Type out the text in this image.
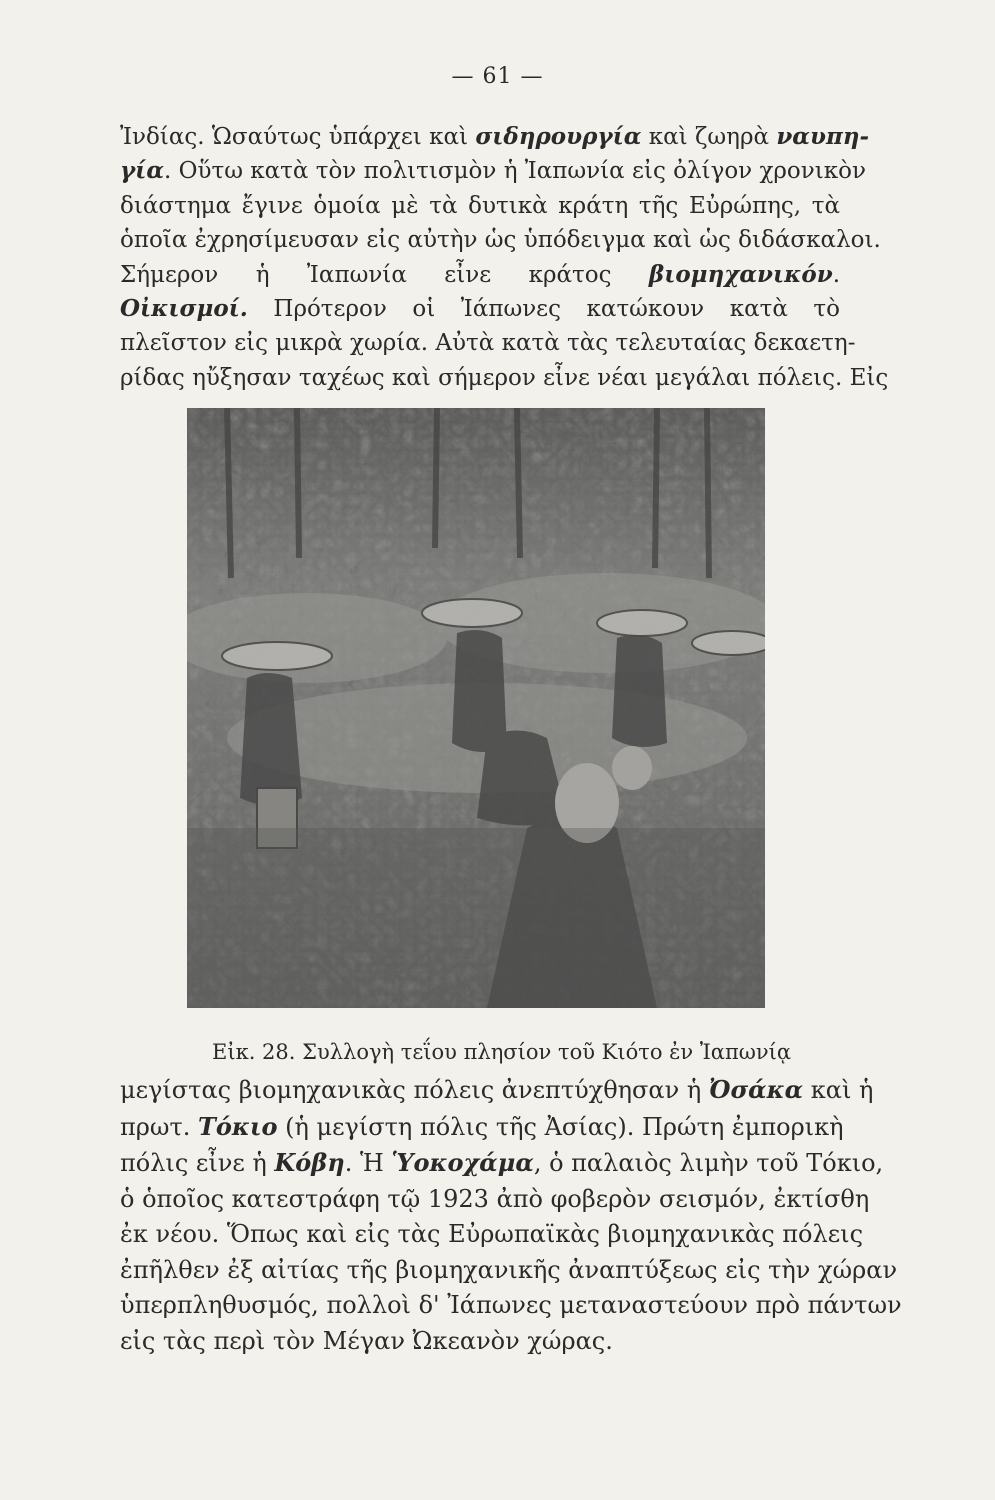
— 61 —
Ἰνδίας. Ὡσαύτως ὑπάρχει καὶ σιδηρουργία καὶ ζωηρὰ ναυπη-
γία. Οὕτω κατὰ τὸν πολιτισμὸν ἡ Ἰαπωνία εἰς ὀλίγον χρονικὸν
διάστημα ἔγινε ὁμοία μὲ τὰ δυτικὰ κράτη τῆς Εὐρώπης, τὰ
ὁποῖα ἐχρησίμευσαν εἰς αὐτὴν ὡς ὑπόδειγμα καὶ ὡς διδάσκαλοι.
Σήμερον ἡ Ἰαπωνία εἶνε κράτος βιομηχανικόν.
Οἰκισμοί. Πρότερον οἱ Ἰάπωνες κατώκουν κατὰ τὸ
πλεῖστον εἰς μικρὰ χωρία. Αὐτὰ κατὰ τὰς τελευταίας δεκαετη-
ρίδας ηὔξησαν ταχέως καὶ σήμερον εἶνε νέαι μεγάλαι πόλεις. Εἰς
Εἰκ. 28. Συλλογὴ τεΐου πλησίον τοῦ Κιότο ἐν Ἰαπωνίᾳ
μεγίστας βιομηχανικὰς πόλεις ἀνεπτύχθησαν ἡ Ὀσάκα καὶ ἡ
πρωτ. Τόκιο (ἡ μεγίστη πόλις τῆς Ἀσίας). Πρώτη ἐμπορικὴ
πόλις εἶνε ἡ Κόβη. Ἡ Ὑοκοχάμα, ὁ παλαιὸς λιμὴν τοῦ Τόκιο,
ὁ ὁποῖος κατεστράφη τῷ 1923 ἀπὸ φοβερὸν σεισμόν, ἐκτίσθη
ἐκ νέου. Ὅπως καὶ εἰς τὰς Εὐρωπαϊκὰς βιομηχανικὰς πόλεις
ἐπῆλθεν ἐξ αἰτίας τῆς βιομηχανικῆς ἀναπτύξεως εἰς τὴν χώραν
ὑπερπληθυσμός, πολλοὶ δ' Ἰάπωνες μεταναστεύουν πρὸ πάντων
εἰς τὰς περὶ τὸν Μέγαν Ὠκεανὸν χώρας.
